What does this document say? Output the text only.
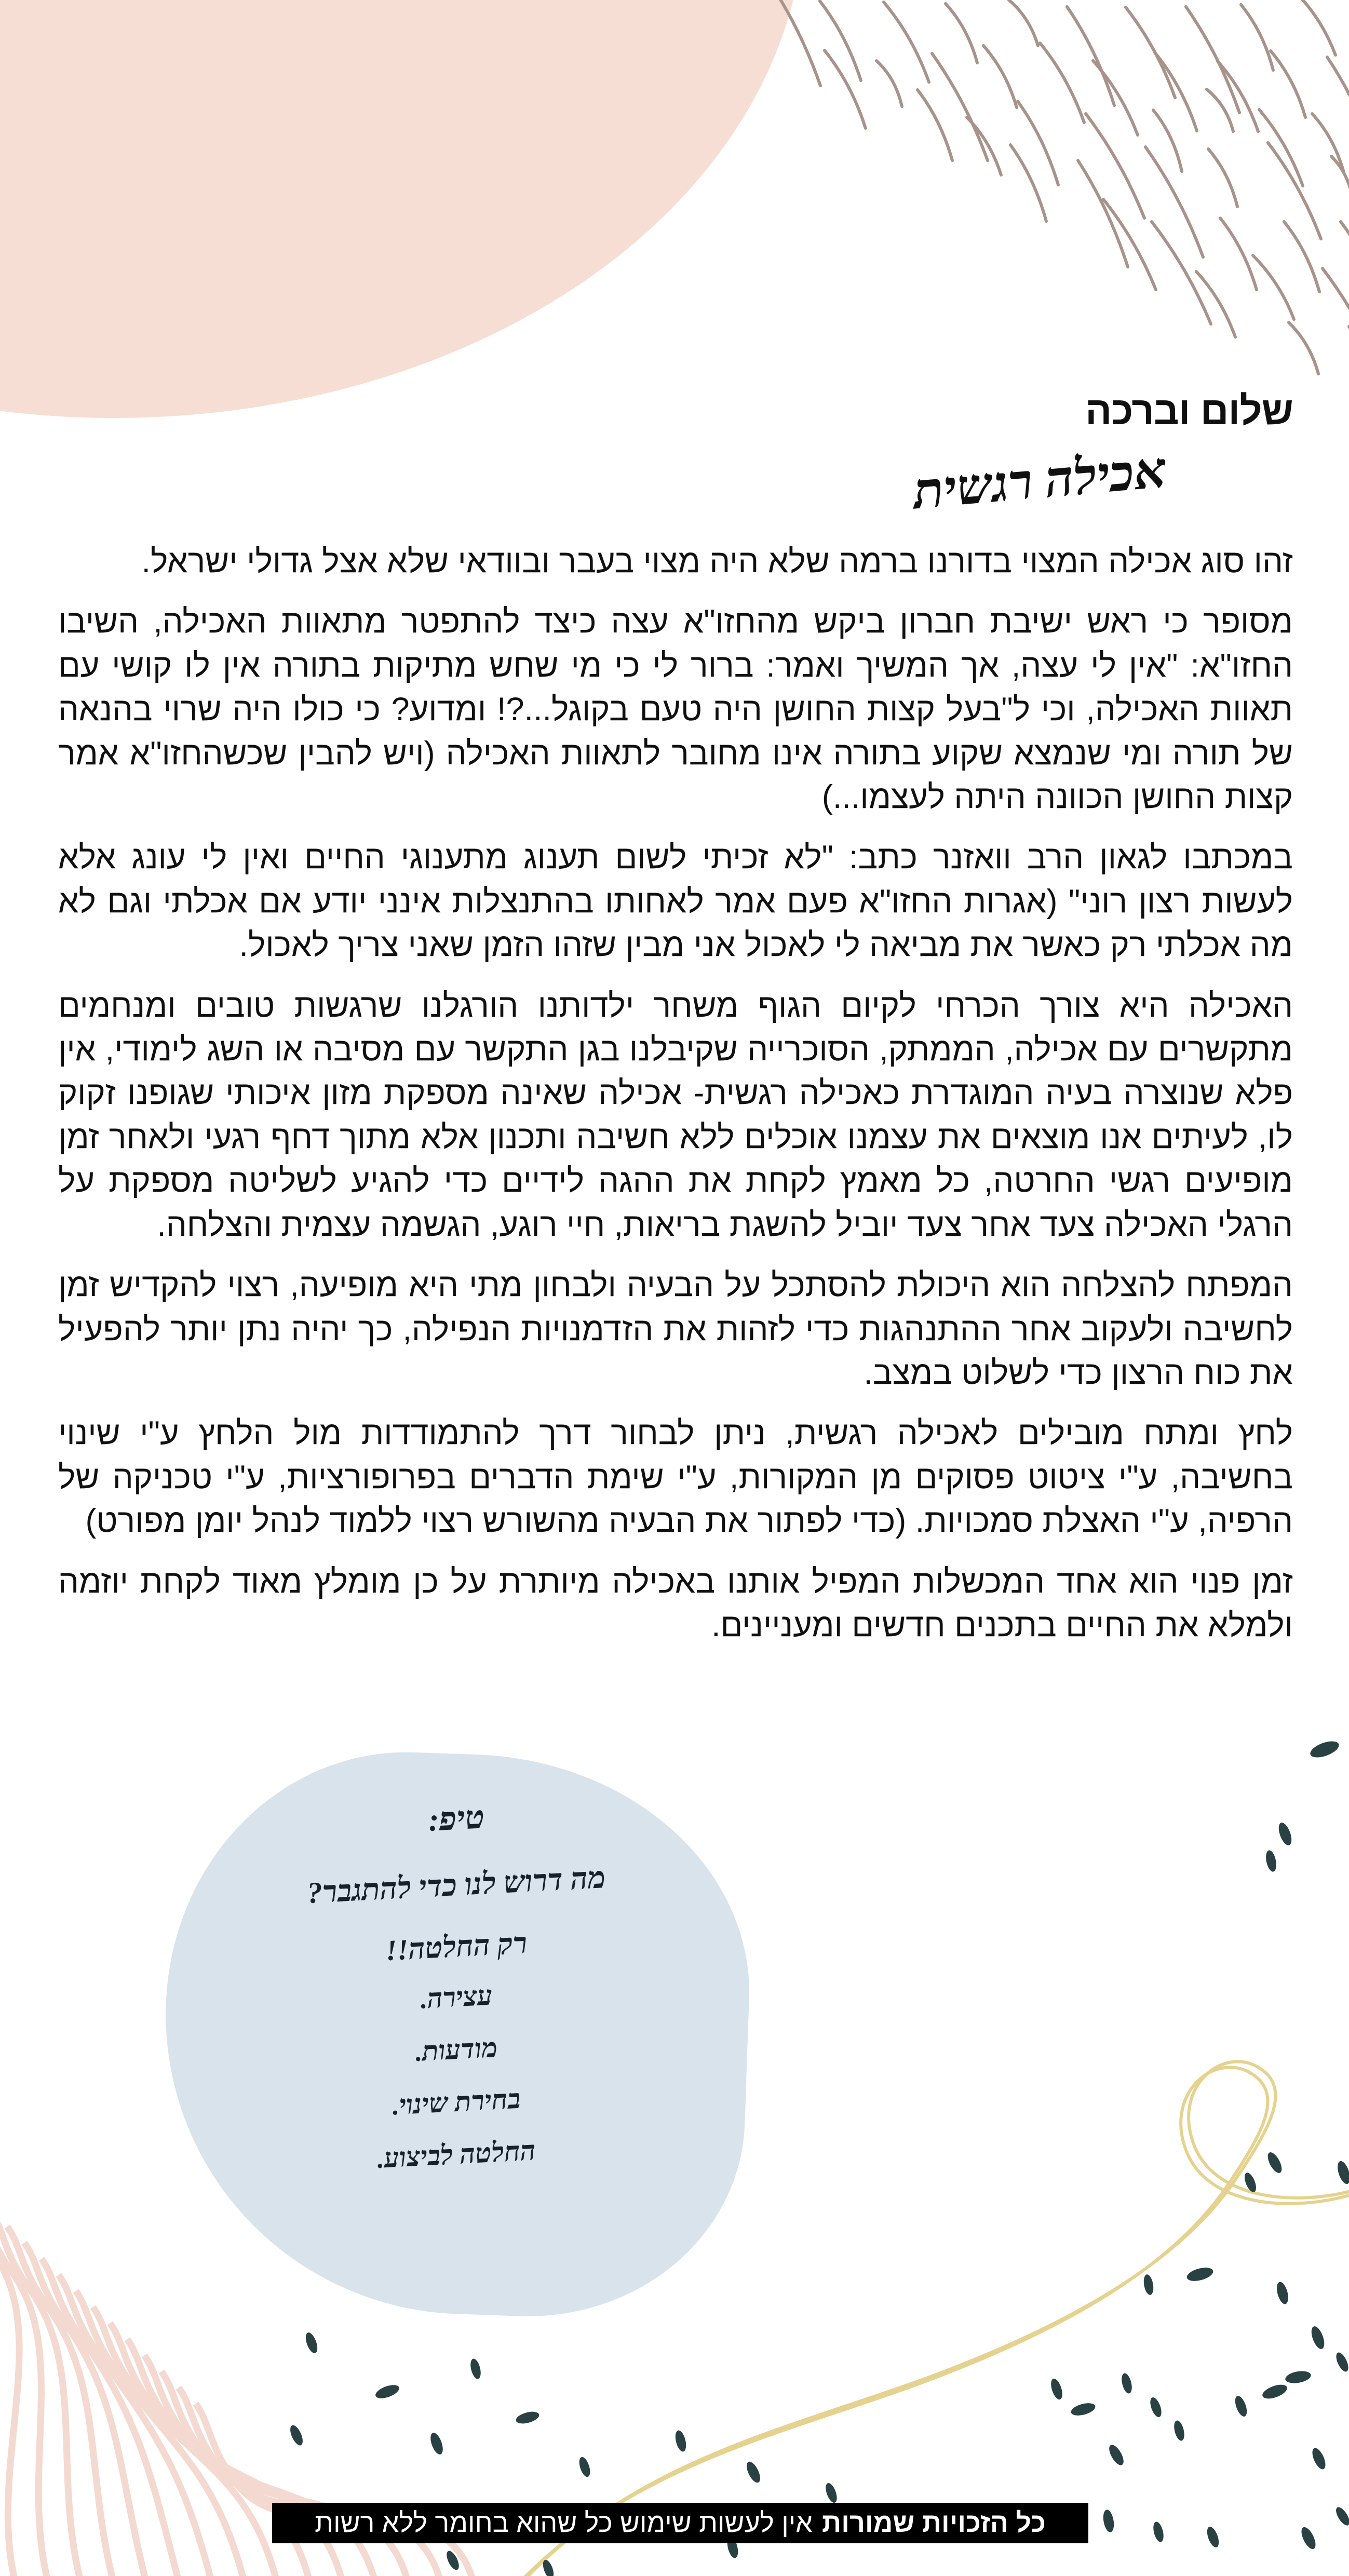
שלום וברכה
אכילה רגשית

זהו סוג אכילה המצוי בדורנו ברמה שלא היה מצוי בעבר ובוודאי שלא אצל גדולי ישראל.

מסופר כי ראש ישיבת חברון ביקש מהחזו"א עצה כיצד להתפטר מתאוות האכילה, השיבו החזו"א: "אין לי עצה, אך המשיך ואמר: ברור לי כי מי שחש מתיקות בתורה אין לו קושי עם תאוות האכילה, וכי ל"בעל קצות החושן היה טעם בקוגל...?! ומדוע? כי כולו היה שרוי בהנאה של תורה ומי שנמצא שקוע בתורה אינו מחובר לתאוות האכילה (ויש להבין שכשהחזו"א אמר קצות החושן הכוונה היתה לעצמו...)

במכתבו לגאון הרב וואזנר כתב: "לא זכיתי לשום תענוג מתענוגי החיים ואין לי עונג אלא לעשות רצון רוני" (אגרות החזו"א פעם אמר לאחותו בהתנצלות אינני יודע אם אכלתי וגם לא מה אכלתי רק כאשר את מביאה לי לאכול אני מבין שזהו הזמן שאני צריך לאכול.

האכילה היא צורך הכרחי לקיום הגוף משחר ילדותנו הורגלנו שרגשות טובים ומנחמים מתקשרים עם אכילה, הממתק, הסוכרייה שקיבלנו בגן התקשר עם מסיבה או השג לימודי, אין פלא שנוצרה בעיה המוגדרת כאכילה רגשית- אכילה שאינה מספקת מזון איכותי שגופנו זקוק לו, לעיתים אנו מוצאים את עצמנו אוכלים ללא חשיבה ותכנון אלא מתוך דחף רגעי ולאחר זמן מופיעים רגשי החרטה, כל מאמץ לקחת את ההגה לידיים כדי להגיע לשליטה מספקת על הרגלי האכילה צעד אחר צעד יוביל להשגת בריאות, חיי רוגע, הגשמה עצמית והצלחה.

המפתח להצלחה הוא היכולת להסתכל על הבעיה ולבחון מתי היא מופיעה, רצוי להקדיש זמן לחשיבה ולעקוב אחר ההתנהגות כדי לזהות את הזדמנויות הנפילה, כך יהיה נתן יותר להפעיל את כוח הרצון כדי לשלוט במצב.

לחץ ומתח מובילים לאכילה רגשית, ניתן לבחור דרך להתמודדות מול הלחץ ע"י שינוי בחשיבה, ע"י ציטוט פסוקים מן המקורות, ע"י שימת הדברים בפרופורציות, ע"י טכניקה של הרפיה, ע"י האצלת סמכויות. (כדי לפתור את הבעיה מהשורש רצוי ללמוד לנהל יומן מפורט)

זמן פנוי הוא אחד המכשלות המפיל אותנו באכילה מיותרת על כן מומלץ מאוד לקחת יוזמה ולמלא את החיים בתכנים חדשים ומעניינים.

טיפ:
מה דרוש לנו כדי להתגבר?
רק החלטה!!
עצירה.
מודעות.
בחירת שינוי.
החלטה לביצוע.
כל הזכויות שמורות
אין לעשות שימוש כל שהוא בחומר ללא רשות
